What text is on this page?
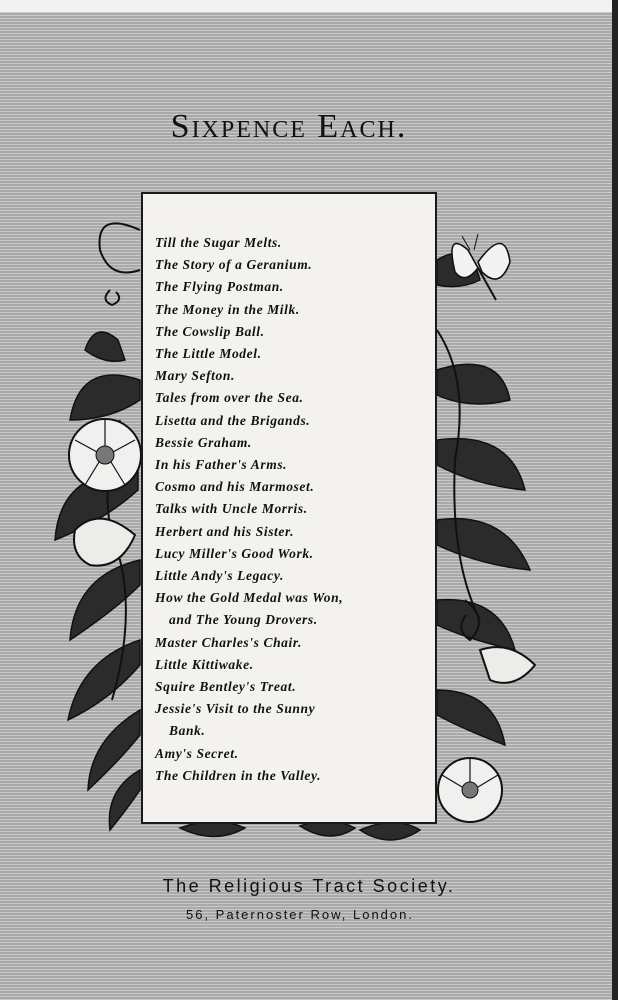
Sixpence Each.
Till the Sugar Melts.
The Story of a Geranium.
The Flying Postman.
The Money in the Milk.
The Cowslip Ball.
The Little Model.
Mary Sefton.
Tales from over the Sea.
Lisetta and the Brigands.
Bessie Graham.
In his Father's Arms.
Cosmo and his Marmoset.
Talks with Uncle Morris.
Herbert and his Sister.
Lucy Miller's Good Work.
Little Andy's Legacy.
How the Gold Medal was Won,
and The Young Drovers.
Master Charles's Chair.
Little Kittiwake.
Squire Bentley's Treat.
Jessie's Visit to the Sunny
Bank.
Amy's Secret.
The Children in the Valley.
The Religious Tract Society.
56, Paternoster Row, London.
